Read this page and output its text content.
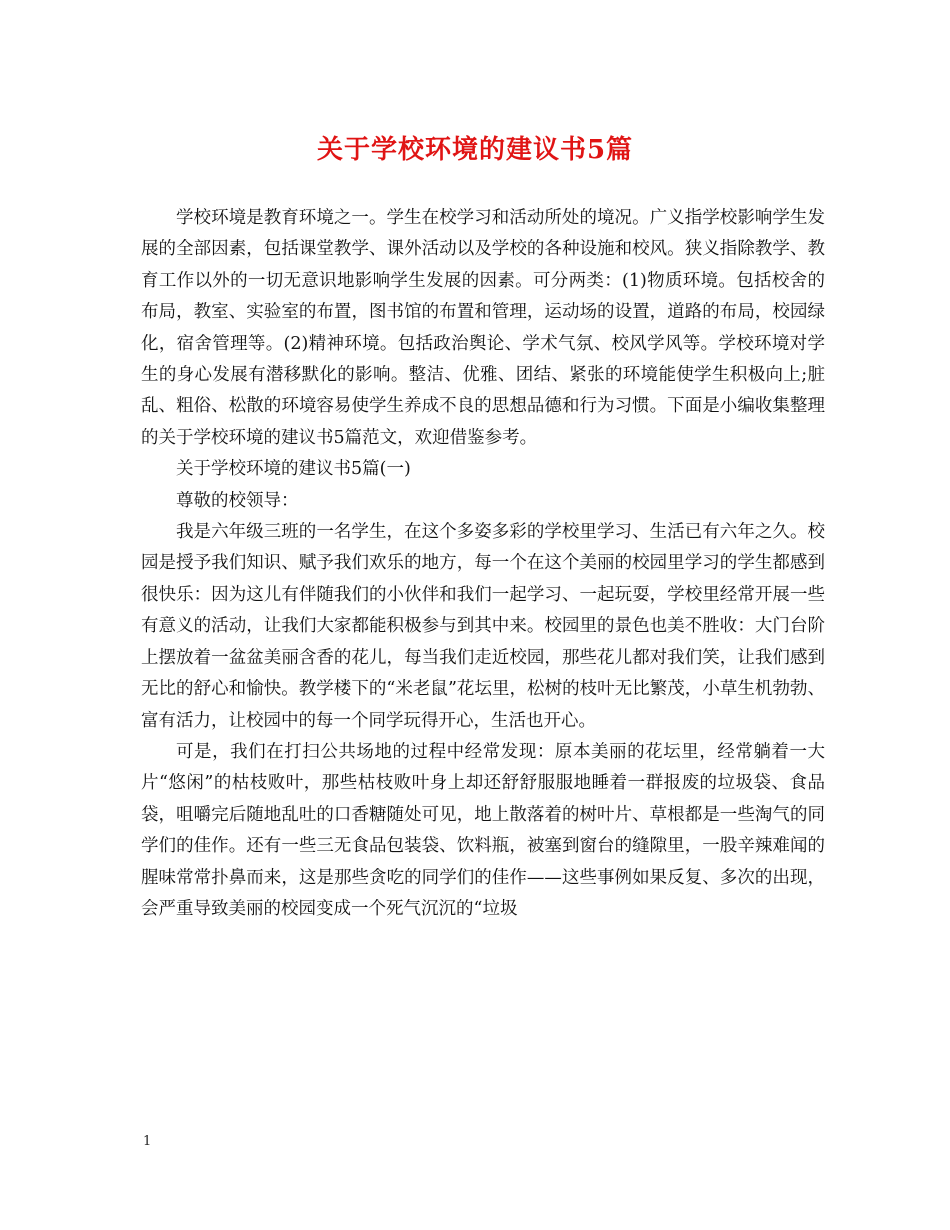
关于学校环境的建议书5篇

学校环境是教育环境之一。学生在校学习和活动所处的境况。广义指学校影响学生发展的全部因素，包括课堂教学、课外活动以及学校的各种设施和校风。狭义指除教学、教育工作以外的一切无意识地影响学生发展的因素。可分两类：(1)物质环境。包括校舍的布局，教室、实验室的布置，图书馆的布置和管理，运动场的设置，道路的布局，校园绿化，宿舍管理等。(2)精神环境。包括政治舆论、学术气氛、校风学风等。学校环境对学生的身心发展有潜移默化的影响。整洁、优雅、团结、紧张的环境能使学生积极向上;脏乱、粗俗、松散的环境容易使学生养成不良的思想品德和行为习惯。下面是小编收集整理的关于学校环境的建议书5篇范文，欢迎借鉴参考。

关于学校环境的建议书5篇(一)

尊敬的校领导：

我是六年级三班的一名学生，在这个多姿多彩的学校里学习、生活已有六年之久。校园是授予我们知识、赋予我们欢乐的地方，每一个在这个美丽的校园里学习的学生都感到很快乐：因为这儿有伴随我们的小伙伴和我们一起学习、一起玩耍，学校里经常开展一些有意义的活动，让我们大家都能积极参与到其中来。校园里的景色也美不胜收：大门台阶上摆放着一盆盆美丽含香的花儿，每当我们走近校园，那些花儿都对我们笑，让我们感到无比的舒心和愉快。教学楼下的“米老鼠”花坛里，松树的枝叶无比繁茂，小草生机勃勃、富有活力，让校园中的每一个同学玩得开心，生活也开心。

可是，我们在打扫公共场地的过程中经常发现：原本美丽的花坛里，经常躺着一大片“悠闲”的枯枝败叶，那些枯枝败叶身上却还舒舒服服地睡着一群报废的垃圾袋、食品袋，咀嚼完后随地乱吐的口香糖随处可见，地上散落着的树叶片、草根都是一些淘气的同学们的佳作。还有一些三无食品包装袋、饮料瓶，被塞到窗台的缝隙里，一股辛辣难闻的腥味常常扑鼻而来，这是那些贪吃的同学们的佳作——这些事例如果反复、多次的出现，会严重导致美丽的校园变成一个死气沉沉的“垃圾

1
